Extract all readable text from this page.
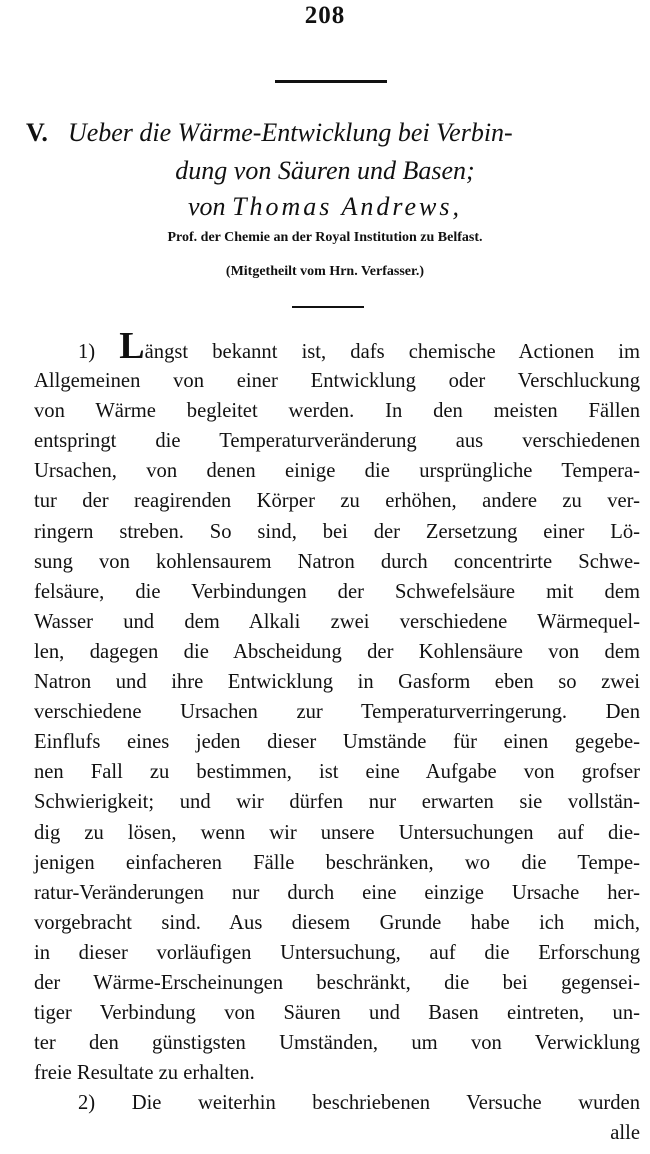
208
V. Ueber die Wärme-Entwicklung bei Verbin-
dung von Säuren und Basen;
von Thomas Andrews,
Prof. der Chemie an der Royal Institution zu Belfast.
(Mitgetheilt vom Hrn. Verfasser.)
1) Längst bekannt ist, dafs chemische Actionen im
Allgemeinen von einer Entwicklung oder Verschluckung
von Wärme begleitet werden. In den meisten Fällen
entspringt die Temperaturveränderung aus verschiedenen
Ursachen, von denen einige die ursprüngliche Tempera-
tur der reagirenden Körper zu erhöhen, andere zu ver-
ringern streben. So sind, bei der Zersetzung einer Lö-
sung von kohlensaurem Natron durch concentrirte Schwe-
felsäure, die Verbindungen der Schwefelsäure mit dem
Wasser und dem Alkali zwei verschiedene Wärmequel-
len, dagegen die Abscheidung der Kohlensäure von dem
Natron und ihre Entwicklung in Gasform eben so zwei
verschiedene Ursachen zur Temperaturverringerung. Den
Einflufs eines jeden dieser Umstände für einen gegebe-
nen Fall zu bestimmen, ist eine Aufgabe von grofser
Schwierigkeit; und wir dürfen nur erwarten sie vollstän-
dig zu lösen, wenn wir unsere Untersuchungen auf die-
jenigen einfacheren Fälle beschränken, wo die Tempe-
ratur-Veränderungen nur durch eine einzige Ursache her-
vorgebracht sind. Aus diesem Grunde habe ich mich,
in dieser vorläufigen Untersuchung, auf die Erforschung
der Wärme-Erscheinungen beschränkt, die bei gegensei-
tiger Verbindung von Säuren und Basen eintreten, un-
ter den günstigsten Umständen, um von Verwicklung
freie Resultate zu erhalten.
2) Die weiterhin beschriebenen Versuche wurden
alle
